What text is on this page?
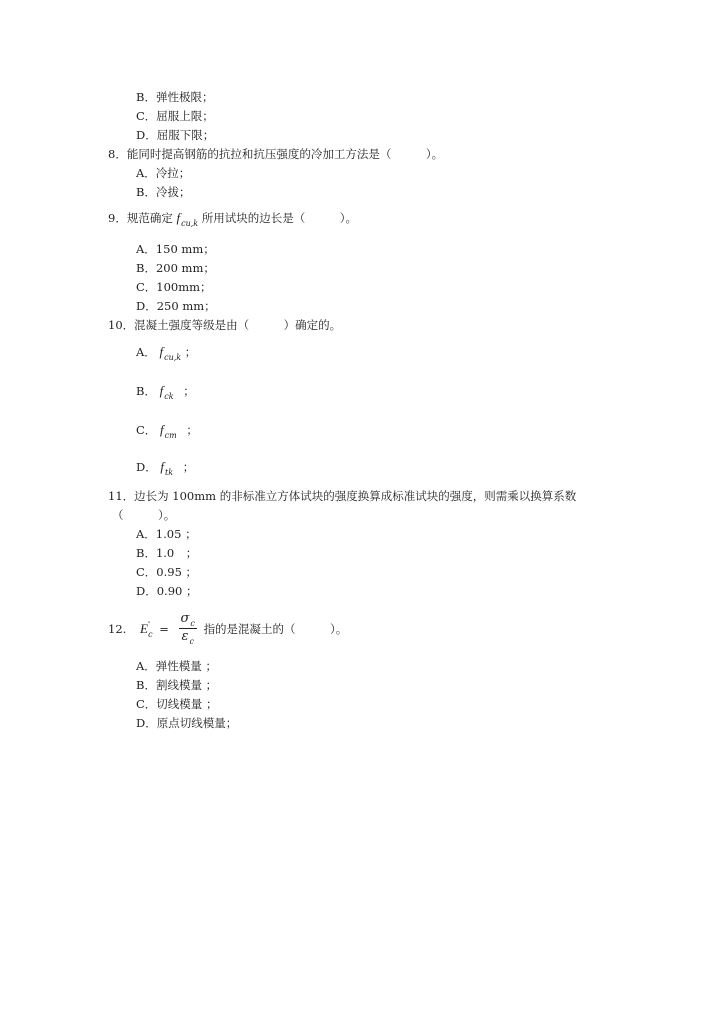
B．弹性极限；
C．屈服上限；
D．屈服下限；
8．能同时提高钢筋的抗拉和抗压强度的冷加工方法是（　　　）。
A．冷拉；
B．冷拔；
9．规范确定 $f_{cu,k}$ 所用试块的边长是（　　　）。
A．150 mm；
B．200 mm；
C．100mm；
D．250 mm；
10．混凝土强度等级是由（　　　）确定的。
A． $f_{cu,k}$ ；
B． $f_{ck}$ ；
C． $f_{cm}$ ；
D． $f_{tk}$ ；
11．边长为 100mm 的非标准立方体试块的强度换算成标准试块的强度，则需乘以换算系数
（　　　）。
A．1.05 ；
B．1.0　；
C．0.95 ；
D．0.90 ；
12. $E'_c = \frac{\sigma_c}{\varepsilon_c}$ 指的是混凝土的（　　　）。
A．弹性模量 ；
B．割线模量 ；
C．切线模量 ；
D．原点切线模量；
